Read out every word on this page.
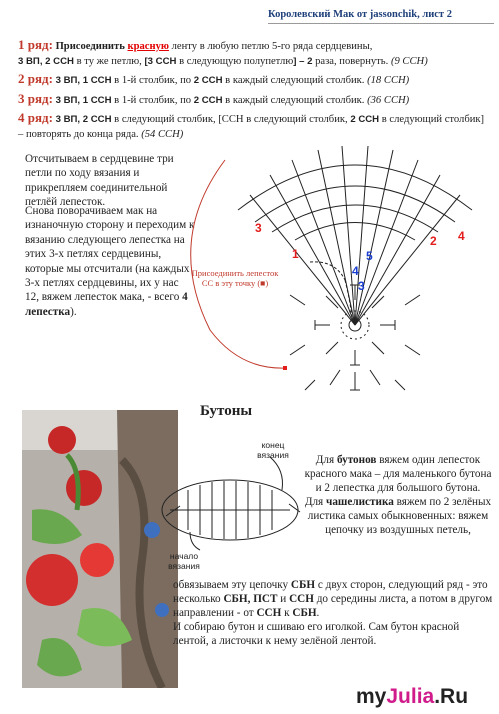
Королевский Мак от jassonchik, лист 2
1 ряд: Присоединить красную ленту в любую петлю 5-го ряда сердцевины,
3 ВП, 2 ССН в ту же петлю, [3 ССН в следующую полупетлю] – 2 раза, повернуть. (9 ССН)
2 ряд: 3 ВП, 1 ССН в 1-й столбик, по 2 ССН в каждый следующий столбик. (18 ССН)
3 ряд: 3 ВП, 1 ССН в 1-й столбик, по 2 ССН в каждый следующий столбик. (36 ССН)
4 ряд: 3 ВП, 2 ССН в следующий столбик, [ССН в следующий столбик, 2 ССН в следующий столбик] – повторять до конца ряда. (54 ССН)
Отсчитываем в сердцевине три петли по ходу вязания и прикрепляем соединительной петлёй лепесток.
Снова поворачиваем мак на изнаночную сторону и переходим к вязанию следующего лепестка на этих 3-х петлях сердцевины, которые мы отсчитали (на каждых 3-х петлях сердцевины, их у нас 12, вяжем лепесток мака, - всего 4 лепестка).
1
2
3
4
3
4
5
Присоединить лепесток СС в эту точку (■)
Бутоны
конец вязания
начало вязания
Для бутонов вяжем один лепесток красного мака – для маленького бутона и 2 лепестка для большого бутона.
Для чашелистика вяжем по 2 зелёных листика самых обыкновенных: вяжем цепочку из воздушных петель,
обвязываем эту цепочку СБН с двух сторон, следующий ряд - это несколько СБН, ПСТ и ССН до середины листа, а потом в другом направлении - от ССН к СБН.
И собираю бутон и сшиваю его иголкой. Сам бутон красной лентой, а листочки к нему зелёной лентой.
myJulia.Ru
